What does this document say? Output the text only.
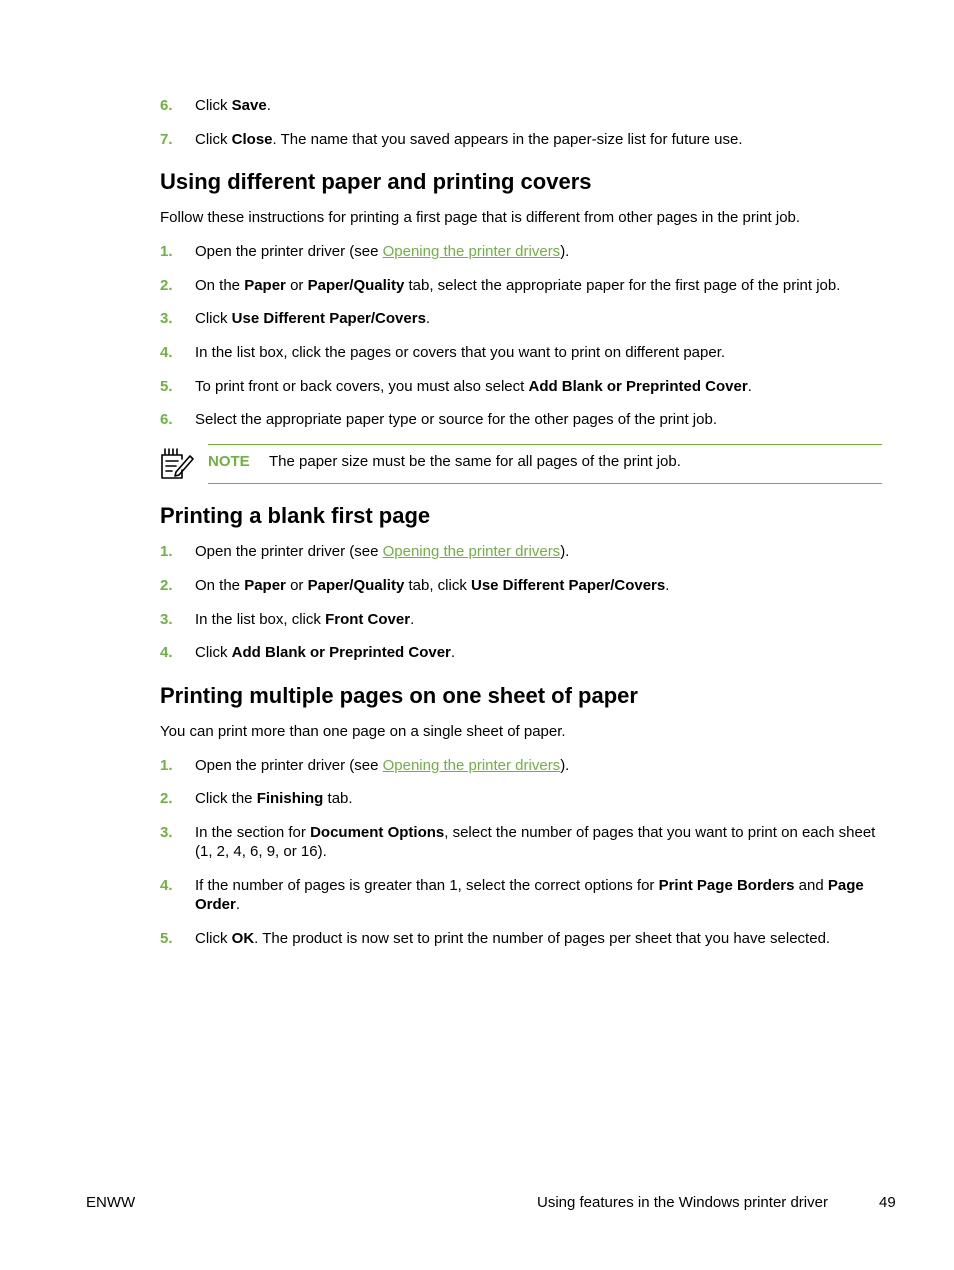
6. Click Save.
7. Click Close. The name that you saved appears in the paper-size list for future use.
Using different paper and printing covers
Follow these instructions for printing a first page that is different from other pages in the print job.
1. Open the printer driver (see Opening the printer drivers).
2. On the Paper or Paper/Quality tab, select the appropriate paper for the first page of the print job.
3. Click Use Different Paper/Covers.
4. In the list box, click the pages or covers that you want to print on different paper.
5. To print front or back covers, you must also select Add Blank or Preprinted Cover.
6. Select the appropriate paper type or source for the other pages of the print job.
NOTE The paper size must be the same for all pages of the print job.
Printing a blank first page
1. Open the printer driver (see Opening the printer drivers).
2. On the Paper or Paper/Quality tab, click Use Different Paper/Covers.
3. In the list box, click Front Cover.
4. Click Add Blank or Preprinted Cover.
Printing multiple pages on one sheet of paper
You can print more than one page on a single sheet of paper.
1. Open the printer driver (see Opening the printer drivers).
2. Click the Finishing tab.
3. In the section for Document Options, select the number of pages that you want to print on each sheet (1, 2, 4, 6, 9, or 16).
4. If the number of pages is greater than 1, select the correct options for Print Page Borders and Page Order.
5. Click OK. The product is now set to print the number of pages per sheet that you have selected.
ENWW	Using features in the Windows printer driver	49
